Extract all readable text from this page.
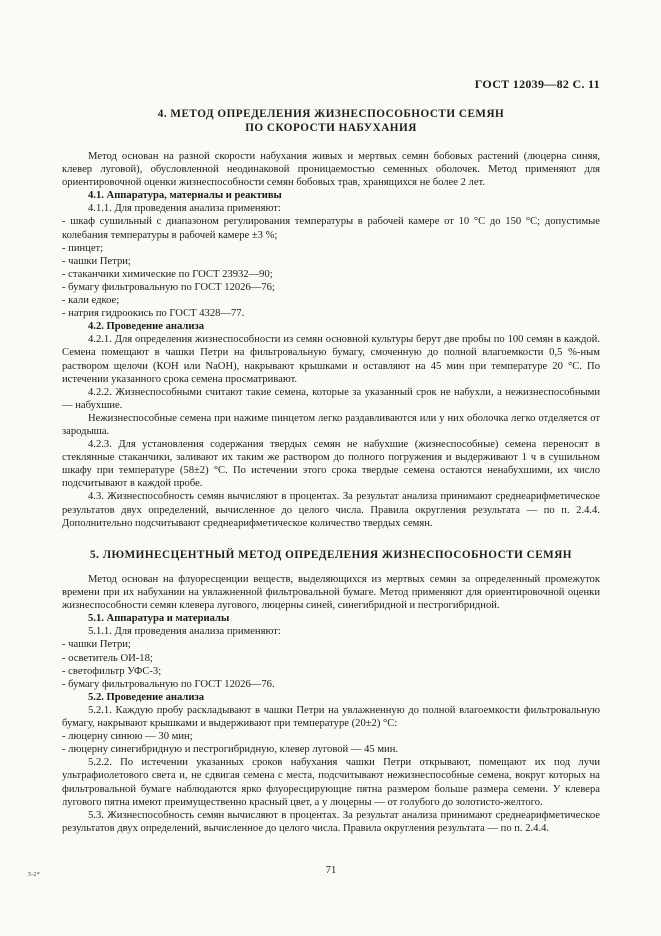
ГОСТ 12039—82 С. 11
4. МЕТОД ОПРЕДЕЛЕНИЯ ЖИЗНЕСПОСОБНОСТИ СЕМЯН
ПО СКОРОСТИ НАБУХАНИЯ

Метод основан на разной скорости набухания живых и мертвых семян бобовых растений (люцерна синяя, клевер луговой), обусловленной неодинаковой проницаемостью семенных оболочек. Метод применяют для ориентировочной оценки жизнеспособности семян бобовых трав, хранящихся не более 2 лет.

4.1. Аппаратура, материалы и реактивы

4.1.1. Для проведения анализа применяют:

- шкаф сушильный с диапазоном регулирования температуры в рабочей камере от 10 °С до 150 °С; допустимые колебания температуры в рабочей камере ±3 %;

- пинцет;

- чашки Петри;

- стаканчики химические по ГОСТ 23932—90;

- бумагу фильтровальную по ГОСТ 12026—76;

- кали едкое;

- натрия гидроокись по ГОСТ 4328—77.

4.2. Проведение анализа

4.2.1. Для определения жизнеспособности из семян основной культуры берут две пробы по 100 семян в каждой. Семена помещают в чашки Петри на фильтровальную бумагу, смоченную до полной влагоемкости 0,5 %-ным раствором щелочи (КОН или NaOH), накрывают крышками и оставляют на 45 мин при температуре 20 °С. По истечении указанного срока семена просматривают.

4.2.2. Жизнеспособными считают такие семена, которые за указанный срок не набухли, а нежизнеспособными — набухшие.

Нежизнеспособные семена при нажиме пинцетом легко раздавливаются или у них оболочка легко отделяется от зародыша.

4.2.3. Для установления содержания твердых семян не набухшие (жизнеспособные) семена переносят в стеклянные стаканчики, заливают их таким же раствором до полного погружения и выдерживают 1 ч в сушильном шкафу при температуре (58±2) °С. По истечении этого срока твердые семена остаются ненабухшими, их число подсчитывают в каждой пробе.

4.3. Жизнеспособность семян вычисляют в процентах. За результат анализа принимают среднеарифметическое результатов двух определений, вычисленное до целого числа. Правила округления результата — по п. 2.4.4. Дополнительно подсчитывают среднеарифметическое количество твердых семян.

5. ЛЮМИНЕСЦЕНТНЫЙ МЕТОД ОПРЕДЕЛЕНИЯ ЖИЗНЕСПОСОБНОСТИ СЕМЯН

Метод основан на флуоресценции веществ, выделяющихся из мертвых семян за определенный промежуток времени при их набухании на увлажненной фильтровальной бумаге. Метод применяют для ориентировочной оценки жизнеспособности семян клевера лугового, люцерны синей, синегибридной и пестрогибридной.

5.1. Аппаратура и материалы

5.1.1. Для проведения анализа применяют:

- чашки Петри;

- осветитель ОИ-18;

- светофильтр УФС-3;

- бумагу фильтровальную по ГОСТ 12026—76.

5.2. Проведение анализа

5.2.1. Каждую пробу раскладывают в чашки Петри на увлажненную до полной влагоемкости фильтровальную бумагу, накрывают крышками и выдерживают при температуре (20±2) °С:

- люцерну синюю — 30 мин;

- люцерну синегибридную и пестрогибридную, клевер луговой — 45 мин.

5.2.2. По истечении указанных сроков набухания чашки Петри открывают, помещают их под лучи ультрафиолетового света и, не сдвигая семена с места, подсчитывают нежизнеспособные семена, вокруг которых на фильтровальной бумаге наблюдаются ярко флуоресцирующие пятна размером больше размера семени. У клевера лугового пятна имеют преимущественно красный цвет, а у люцерны — от голубого до золотисто-желтого.

5.3. Жизнеспособность семян вычисляют в процентах. За результат анализа принимают среднеарифметическое результатов двух определений, вычисленное до целого числа. Правила округления результата — по п. 2.4.4.

5-2*	71
